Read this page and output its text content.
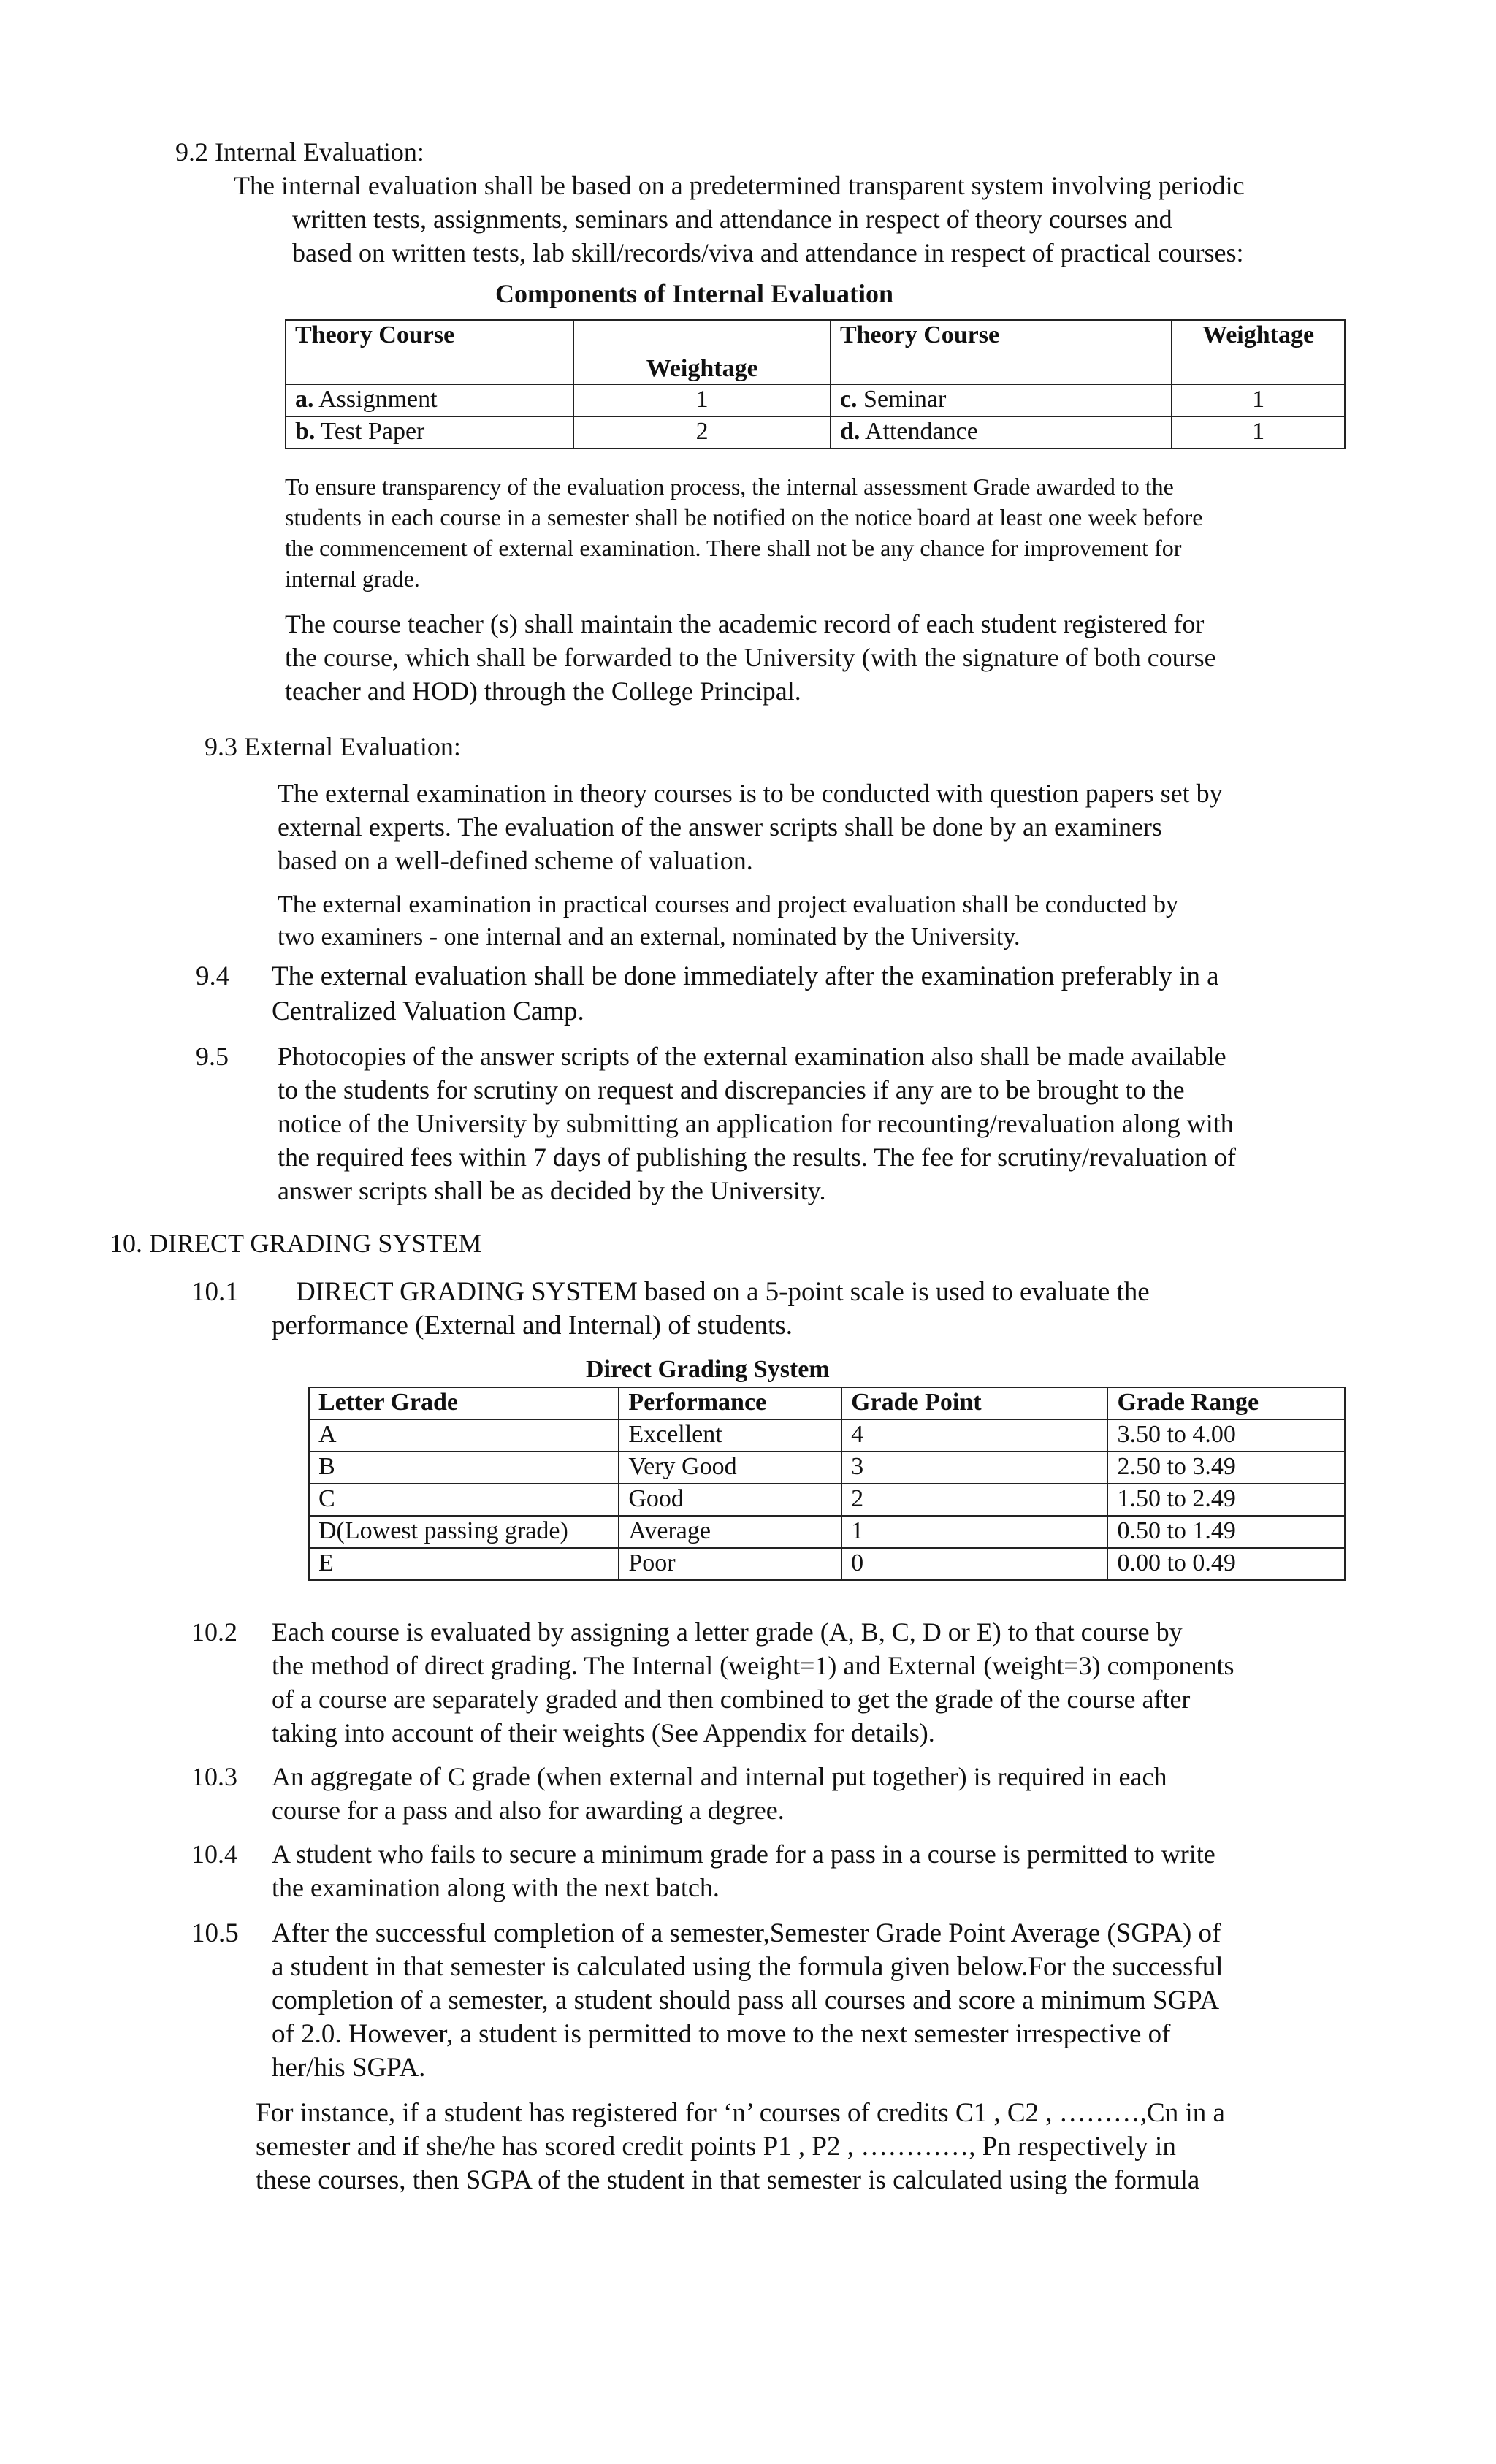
9.2 Internal Evaluation:
The internal evaluation shall be based on a predetermined transparent system involving periodic
written tests, assignments, seminars and attendance in respect of theory courses and
based on written tests, lab skill/records/viva and attendance in respect of practical courses:
Components of Internal Evaluation
Theory Course	Weightage	Theory Course	Weightage
a. Assignment	1	c. Seminar	1
b. Test Paper	2	d. Attendance	1
To ensure transparency of the evaluation process, the internal assessment Grade awarded to the
students in each course in a semester shall be notified on the notice board at least one week before
the commencement of external examination. There shall not be any chance for improvement for
internal grade.
The course teacher (s) shall maintain the academic record of each student registered for
the course, which shall be forwarded to the University (with the signature of both course
teacher and HOD) through the College Principal.
9.3 External Evaluation:
The external examination in theory courses is to be conducted with question papers set by
external experts. The evaluation of the answer scripts shall be done by an examiners
based on a well-defined scheme of valuation.
The external examination in practical courses and project evaluation shall be conducted by
two examiners - one internal and an external, nominated by the University.
9.4 The external evaluation shall be done immediately after the examination preferably in a
Centralized Valuation Camp.
9.5 Photocopies of the answer scripts of the external examination also shall be made available
to the students for scrutiny on request and discrepancies if any are to be brought to the
notice of the University by submitting an application for recounting/revaluation along with
the required fees within 7 days of publishing the results. The fee for scrutiny/revaluation of
answer scripts shall be as decided by the University.
10. DIRECT GRADING SYSTEM
10.1 DIRECT GRADING SYSTEM based on a 5-point scale is used to evaluate the
performance (External and Internal) of students.
Direct Grading System
Letter Grade	Performance	Grade Point	Grade Range
A	Excellent	4	3.50 to 4.00
B	Very Good	3	2.50 to 3.49
C	Good	2	1.50 to 2.49
D(Lowest passing grade)	Average	1	0.50 to 1.49
E	Poor	0	0.00 to 0.49
10.2 Each course is evaluated by assigning a letter grade (A, B, C, D or E) to that course by
the method of direct grading. The Internal (weight=1) and External (weight=3) components
of a course are separately graded and then combined to get the grade of the course after
taking into account of their weights (See Appendix for details).
10.3 An aggregate of C grade (when external and internal put together) is required in each
course for a pass and also for awarding a degree.
10.4 A student who fails to secure a minimum grade for a pass in a course is permitted to write
the examination along with the next batch.
10.5 After the successful completion of a semester,Semester Grade Point Average (SGPA) of
a student in that semester is calculated using the formula given below.For the successful
completion of a semester, a student should pass all courses and score a minimum SGPA
of 2.0. However, a student is permitted to move to the next semester irrespective of
her/his SGPA.
For instance, if a student has registered for ‘n’ courses of credits C1 , C2 , ………,Cn in a
semester and if she/he has scored credit points P1 , P2 , …………, Pn respectively in
these courses, then SGPA of the student in that semester is calculated using the formula
